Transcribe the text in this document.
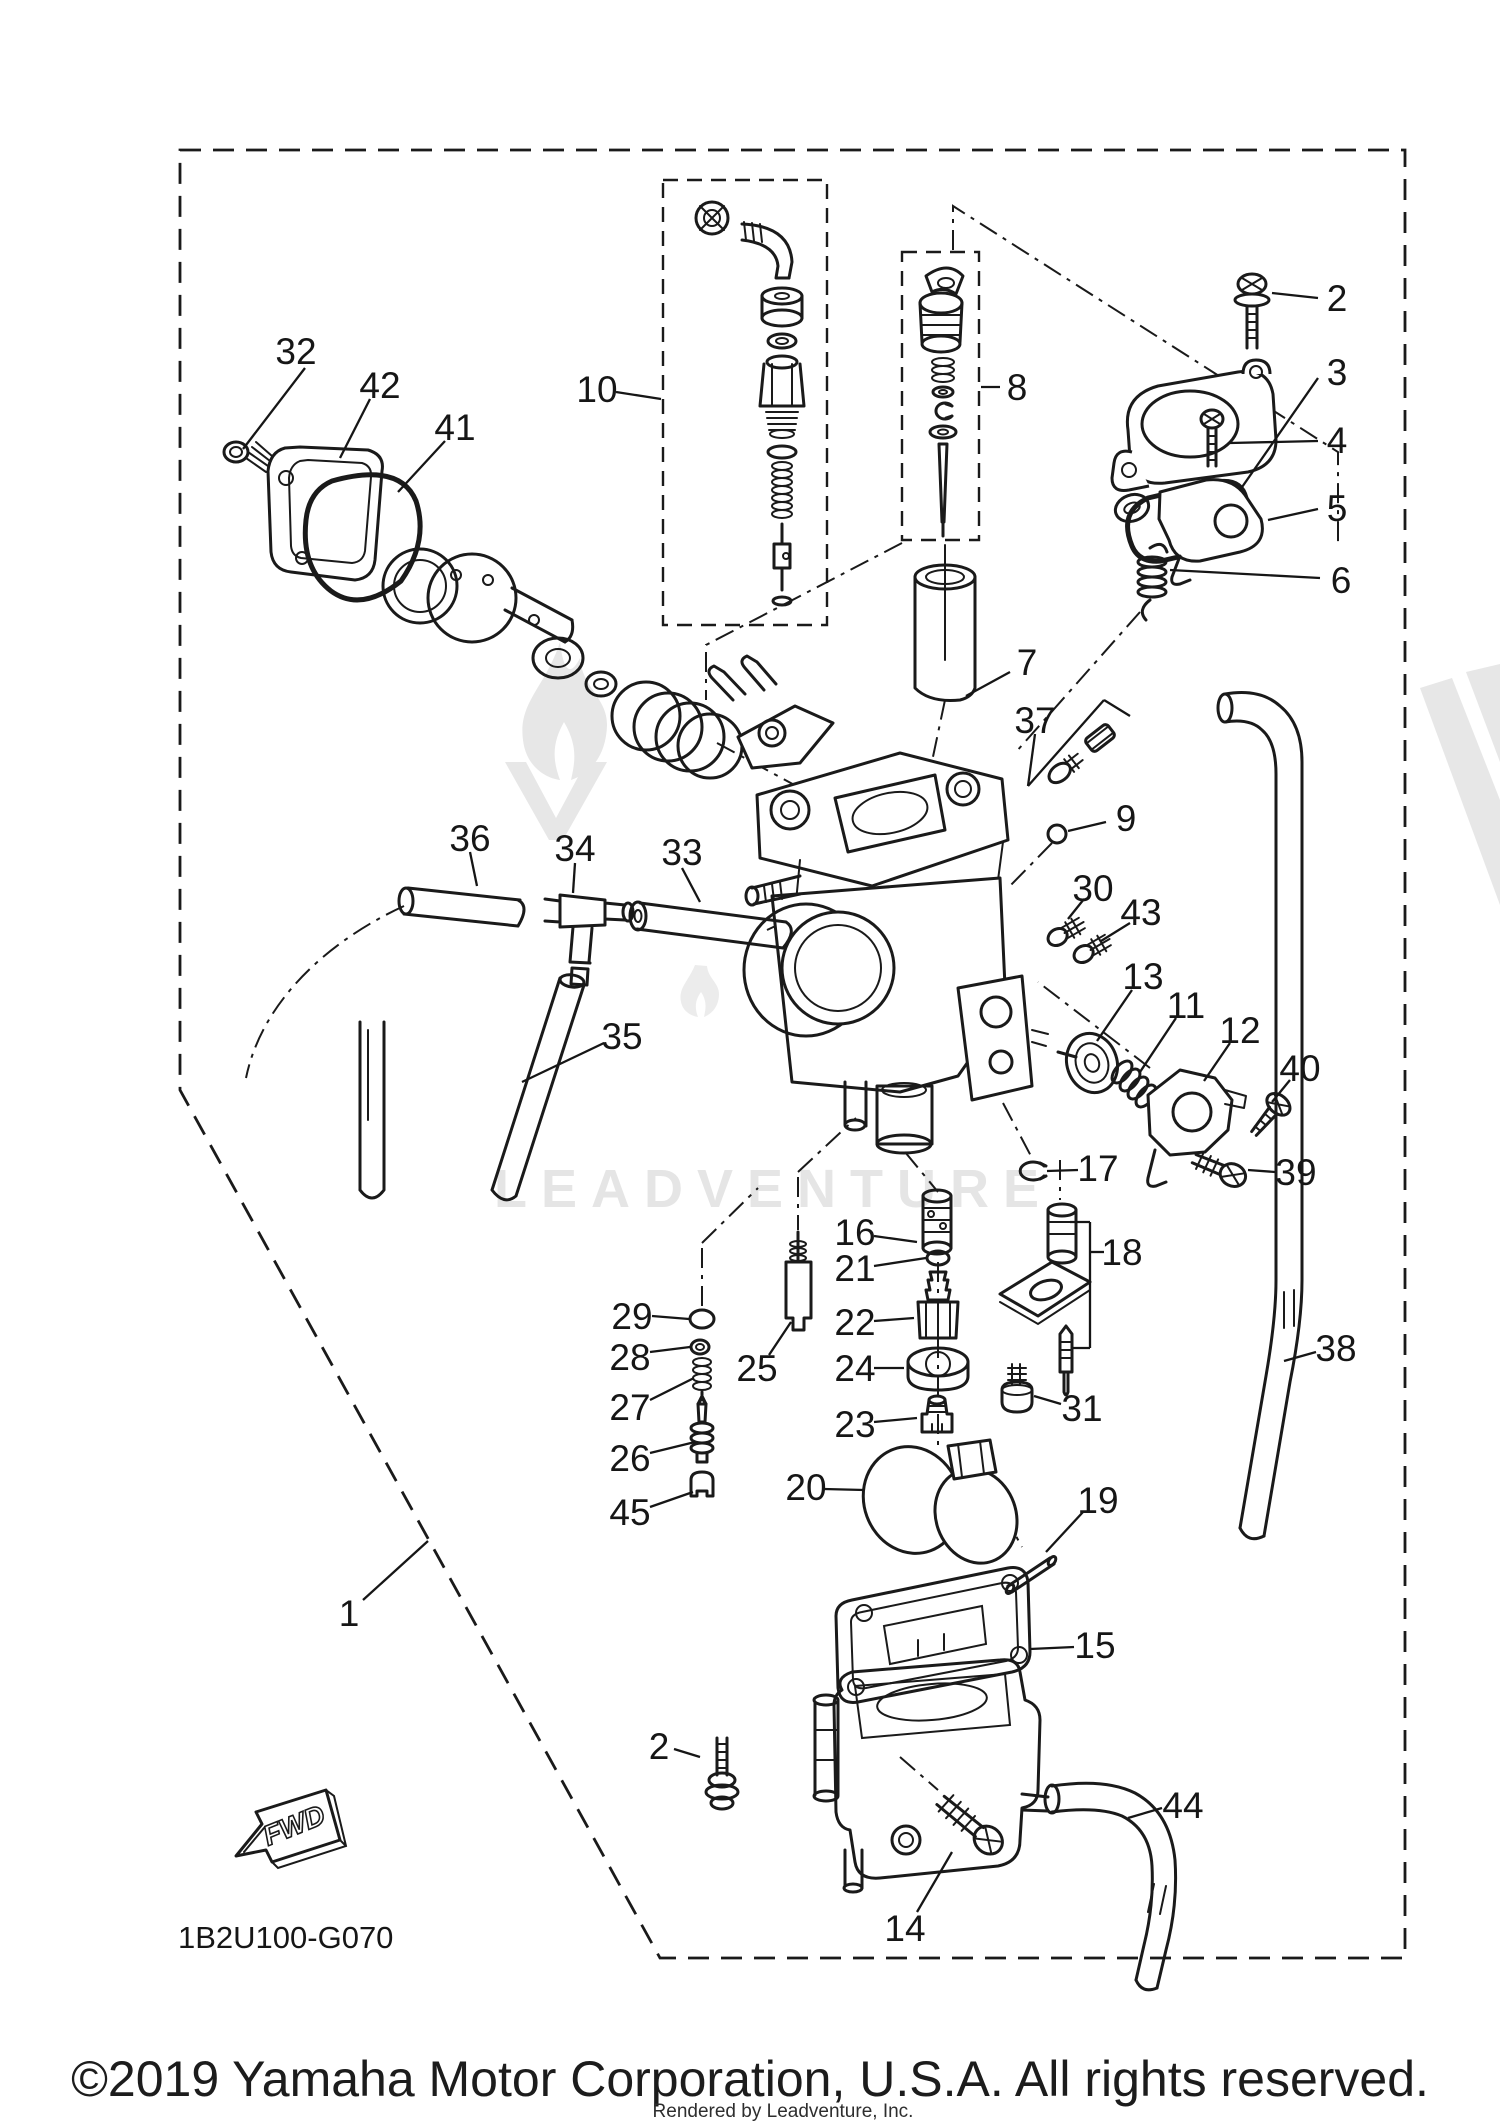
LEADVENTURE
FWD
1B2U100-G070
1
2
3
4
5
6
7
8
9
10
11
12
13
14
15
16
17
18
19
20
21
22
23
24
25
26
27
28
29
30
31
32
33
34
35
36
37
38
39
40
41
42
43
44
45
2
©2019 Yamaha Motor Corporation, U.S.A. All rights reserved.
Rendered by Leadventure, Inc.
